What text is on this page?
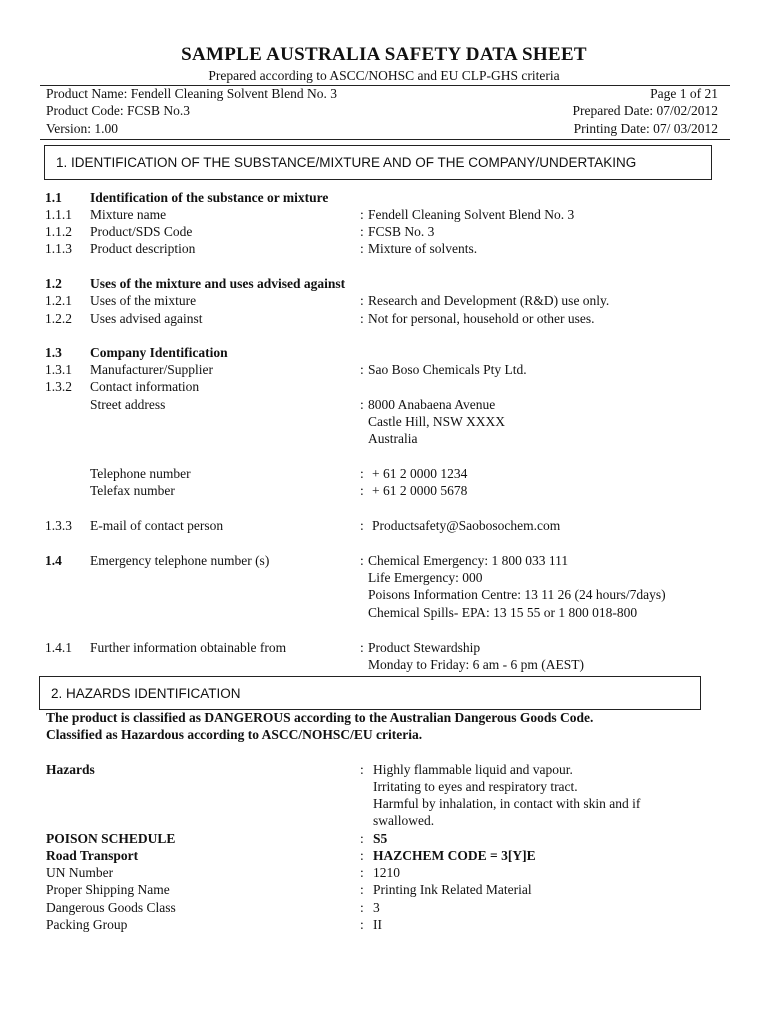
SAMPLE AUSTRALIA SAFETY DATA SHEET
Prepared according to ASCC/NOHSC and EU CLP-GHS criteria
Product Name: Fendell Cleaning Solvent Blend No. 3	Page 1 of 21
Product Code: FCSB No.3	Prepared Date: 07/02/2012
Version: 1.00	Printing Date: 07/ 03/2012
1. IDENTIFICATION OF THE SUBSTANCE/MIXTURE AND OF THE COMPANY/UNDERTAKING
1.1 Identification of the substance or mixture
1.1.1 Mixture name	: Fendell Cleaning Solvent Blend No. 3
1.1.2 Product/SDS Code	: FCSB No. 3
1.1.3 Product description	: Mixture of solvents.
1.2 Uses of the mixture and uses advised against
1.2.1 Uses of the mixture	: Research and Development (R&D) use only.
1.2.2 Uses advised against	: Not for personal, household or other uses.
1.3 Company Identification
1.3.1 Manufacturer/Supplier	: Sao Boso Chemicals Pty Ltd.
1.3.2 Contact information
Street address	: 8000 Anabaena Avenue
Castle Hill, NSW XXXX
Australia
Telephone number	: + 61 2 0000 1234
Telefax number	: + 61 2 0000 5678
1.3.3 E-mail of contact person	: Productsafety@Saobosochem.com
1.4 Emergency telephone number (s)	: Chemical Emergency: 1 800 033 111
Life Emergency: 000
Poisons Information Centre: 13 11 26 (24 hours/7days)
Chemical Spills- EPA: 13 15 55 or 1 800 018-800
1.4.1 Further information obtainable from	: Product Stewardship
Monday to Friday: 6 am - 6 pm (AEST)
2. HAZARDS IDENTIFICATION
The product is classified as DANGEROUS according to the Australian Dangerous Goods Code.
Classified as Hazardous according to ASCC/NOHSC/EU criteria.
Hazards	: Highly flammable liquid and vapour.
Irritating to eyes and respiratory tract.
Harmful by inhalation, in contact with skin and if
swallowed.
POISON SCHEDULE	: S5
Road Transport	: HAZCHEM CODE = 3[Y]E
UN Number	: 1210
Proper Shipping Name	: Printing Ink Related Material
Dangerous Goods Class	: 3
Packing Group	: II
